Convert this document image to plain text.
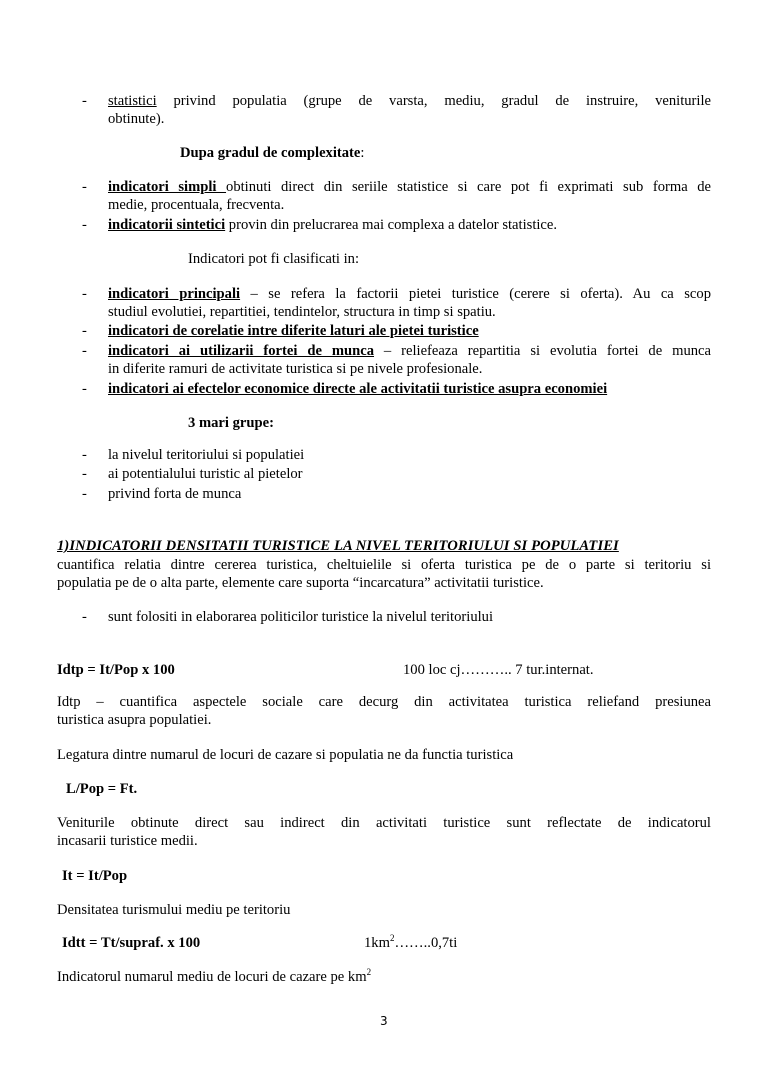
- statistici privind populatia (grupe de varsta, mediu, gradul de instruire, veniturile
obtinute).
Dupa gradul de complexitate:
- indicatori simpli obtinuti direct din seriile statistice si care pot fi exprimati sub forma de
medie, procentuala, frecventa.
- indicatorii sintetici provin din prelucrarea mai complexa a datelor statistice.
Indicatori pot fi clasificati in:
- indicatori principali – se refera la factorii pietei turistice (cerere si oferta). Au ca scop
studiul evolutiei, repartitiei, tendintelor, structura in timp si spatiu.
- indicatori de corelatie intre diferite laturi ale pietei turistice
- indicatori ai utilizarii fortei de munca – reliefeaza repartitia si evolutia fortei de munca
in diferite ramuri de activitate turistica si pe nivele profesionale.
- indicatori ai efectelor economice directe ale activitatii turistice asupra economiei
3 mari grupe:
- la nivelul teritoriului si populatiei
- ai potentialului turistic al pietelor
- privind forta de munca
1)INDICATORII DENSITATII TURISTICE LA NIVEL TERITORIULUI SI POPULATIEI
cuantifica relatia dintre cererea turistica, cheltuielile si oferta turistica pe de o parte si teritoriu si
populatia pe de o alta parte, elemente care suporta “incarcatura” activitatii turistice.
- sunt folositi in elaborarea politicilor turistice la nivelul teritoriului
Idtp = It/Pop x 100	100 loc cj……….. 7 tur.internat.
Idtp – cuantifica aspectele sociale care decurg din activitatea turistica reliefand presiunea
turistica asupra populatiei.
Legatura dintre numarul de locuri de cazare si populatia ne da functia turistica
L/Pop = Ft.
Veniturile obtinute direct sau indirect din activitati turistice sunt reflectate de indicatorul
incasarii turistice medii.
It = It/Pop
Densitatea turismului mediu pe teritoriu
Idtt = Tt/supraf. x 100	$1km^2\dots\dots..0,7ti$
Indicatorul numarul mediu de locuri de cazare pe $km^2$
3
